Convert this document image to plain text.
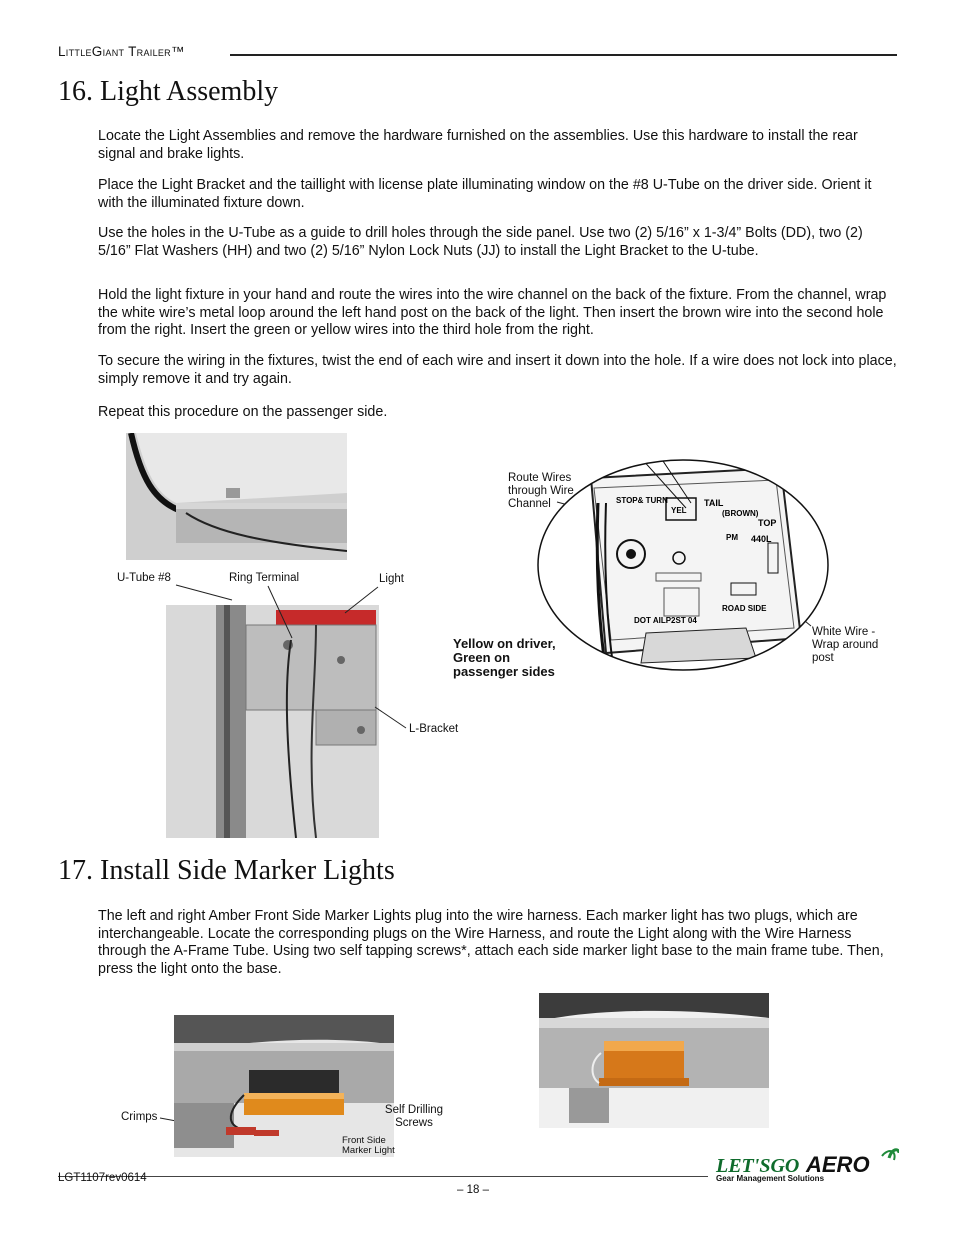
LittleGiant Trailer™
16. Light Assembly
Locate the Light Assemblies and remove the hardware furnished on the assemblies. Use this hardware to install the rear signal and brake lights.
Place the Light Bracket and the taillight with license plate illuminating window on the #8 U-Tube on the driver side. Orient it with the illuminated fixture down.
Use the holes in the U-Tube as a guide to drill holes through the side panel. Use two (2) 5/16” x 1-3/4” Bolts (DD), two (2) 5/16” Flat Washers (HH) and two (2) 5/16” Nylon Lock Nuts (JJ) to install the Light Bracket to the U-tube.
Hold the light fixture in your hand and route the wires into the wire channel on the back of the fixture. From the channel, wrap the white wire’s metal loop around the left hand post on the back of the light. Then insert the brown wire into the second hole from the right. Insert the green or yellow wires into the third hole from the right.
To secure the wiring in the fixtures, twist the end of each wire and insert it down into the hole. If a wire does not lock into place, simply remove it and try again.
Repeat this procedure on the passenger side.
U-Tube #8	Ring Terminal	Light
L-Bracket
STOP& TURN	TAIL
(BROWN)
YEL
TOP
PM 440L
ROAD SIDE
DOT AILP2ST 04
Route Wires through Wire Channel
White Wire - Wrap around post
Yellow on driver, Green on passenger sides
17. Install Side Marker Lights
The left and right Amber Front Side Marker Lights plug into the wire harness. Each marker light has two plugs, which are interchangeable. Locate the corresponding plugs on the Wire Harness, and route the Light along with the Wire Harness through the A-Frame Tube. Using two self tapping screws*, attach each side marker light base to the main frame tube. Then, press the light onto the base.
Crimps
Self Drilling Screws
Front Side Marker Light
LET'SGO AERO
Gear Management Solutions
LGT1107rev0614
– 18 –
